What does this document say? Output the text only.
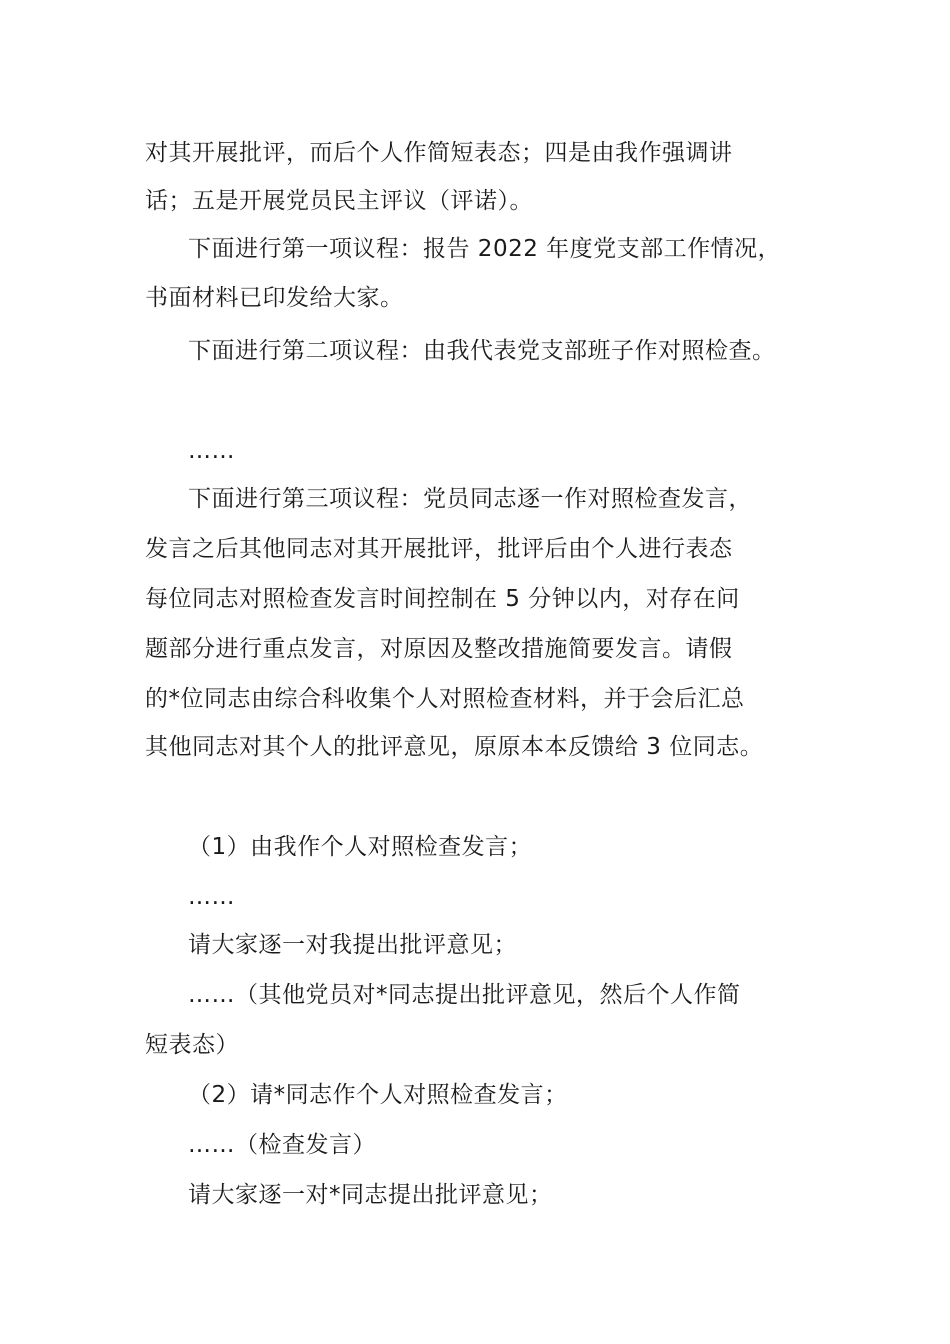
对其开展批评，而后个人作简短表态；四是由我作强调讲
话；五是开展党员民主评议（评诺）。
下面进行第一项议程：报告 2022 年度党支部工作情况，
书面材料已印发给大家。
下面进行第二项议程：由我代表党支部班子作对照检查。
……
下面进行第三项议程：党员同志逐一作对照检查发言，
发言之后其他同志对其开展批评，批评后由个人进行表态
每位同志对照检查发言时间控制在 5 分钟以内，对存在问
题部分进行重点发言，对原因及整改措施简要发言。请假
的*位同志由综合科收集个人对照检查材料，并于会后汇总
其他同志对其个人的批评意见，原原本本反馈给 3 位同志。
（1）由我作个人对照检查发言；
……
请大家逐一对我提出批评意见；
……（其他党员对*同志提出批评意见，然后个人作简
短表态）
（2）请*同志作个人对照检查发言；
……（检查发言）
请大家逐一对*同志提出批评意见；
